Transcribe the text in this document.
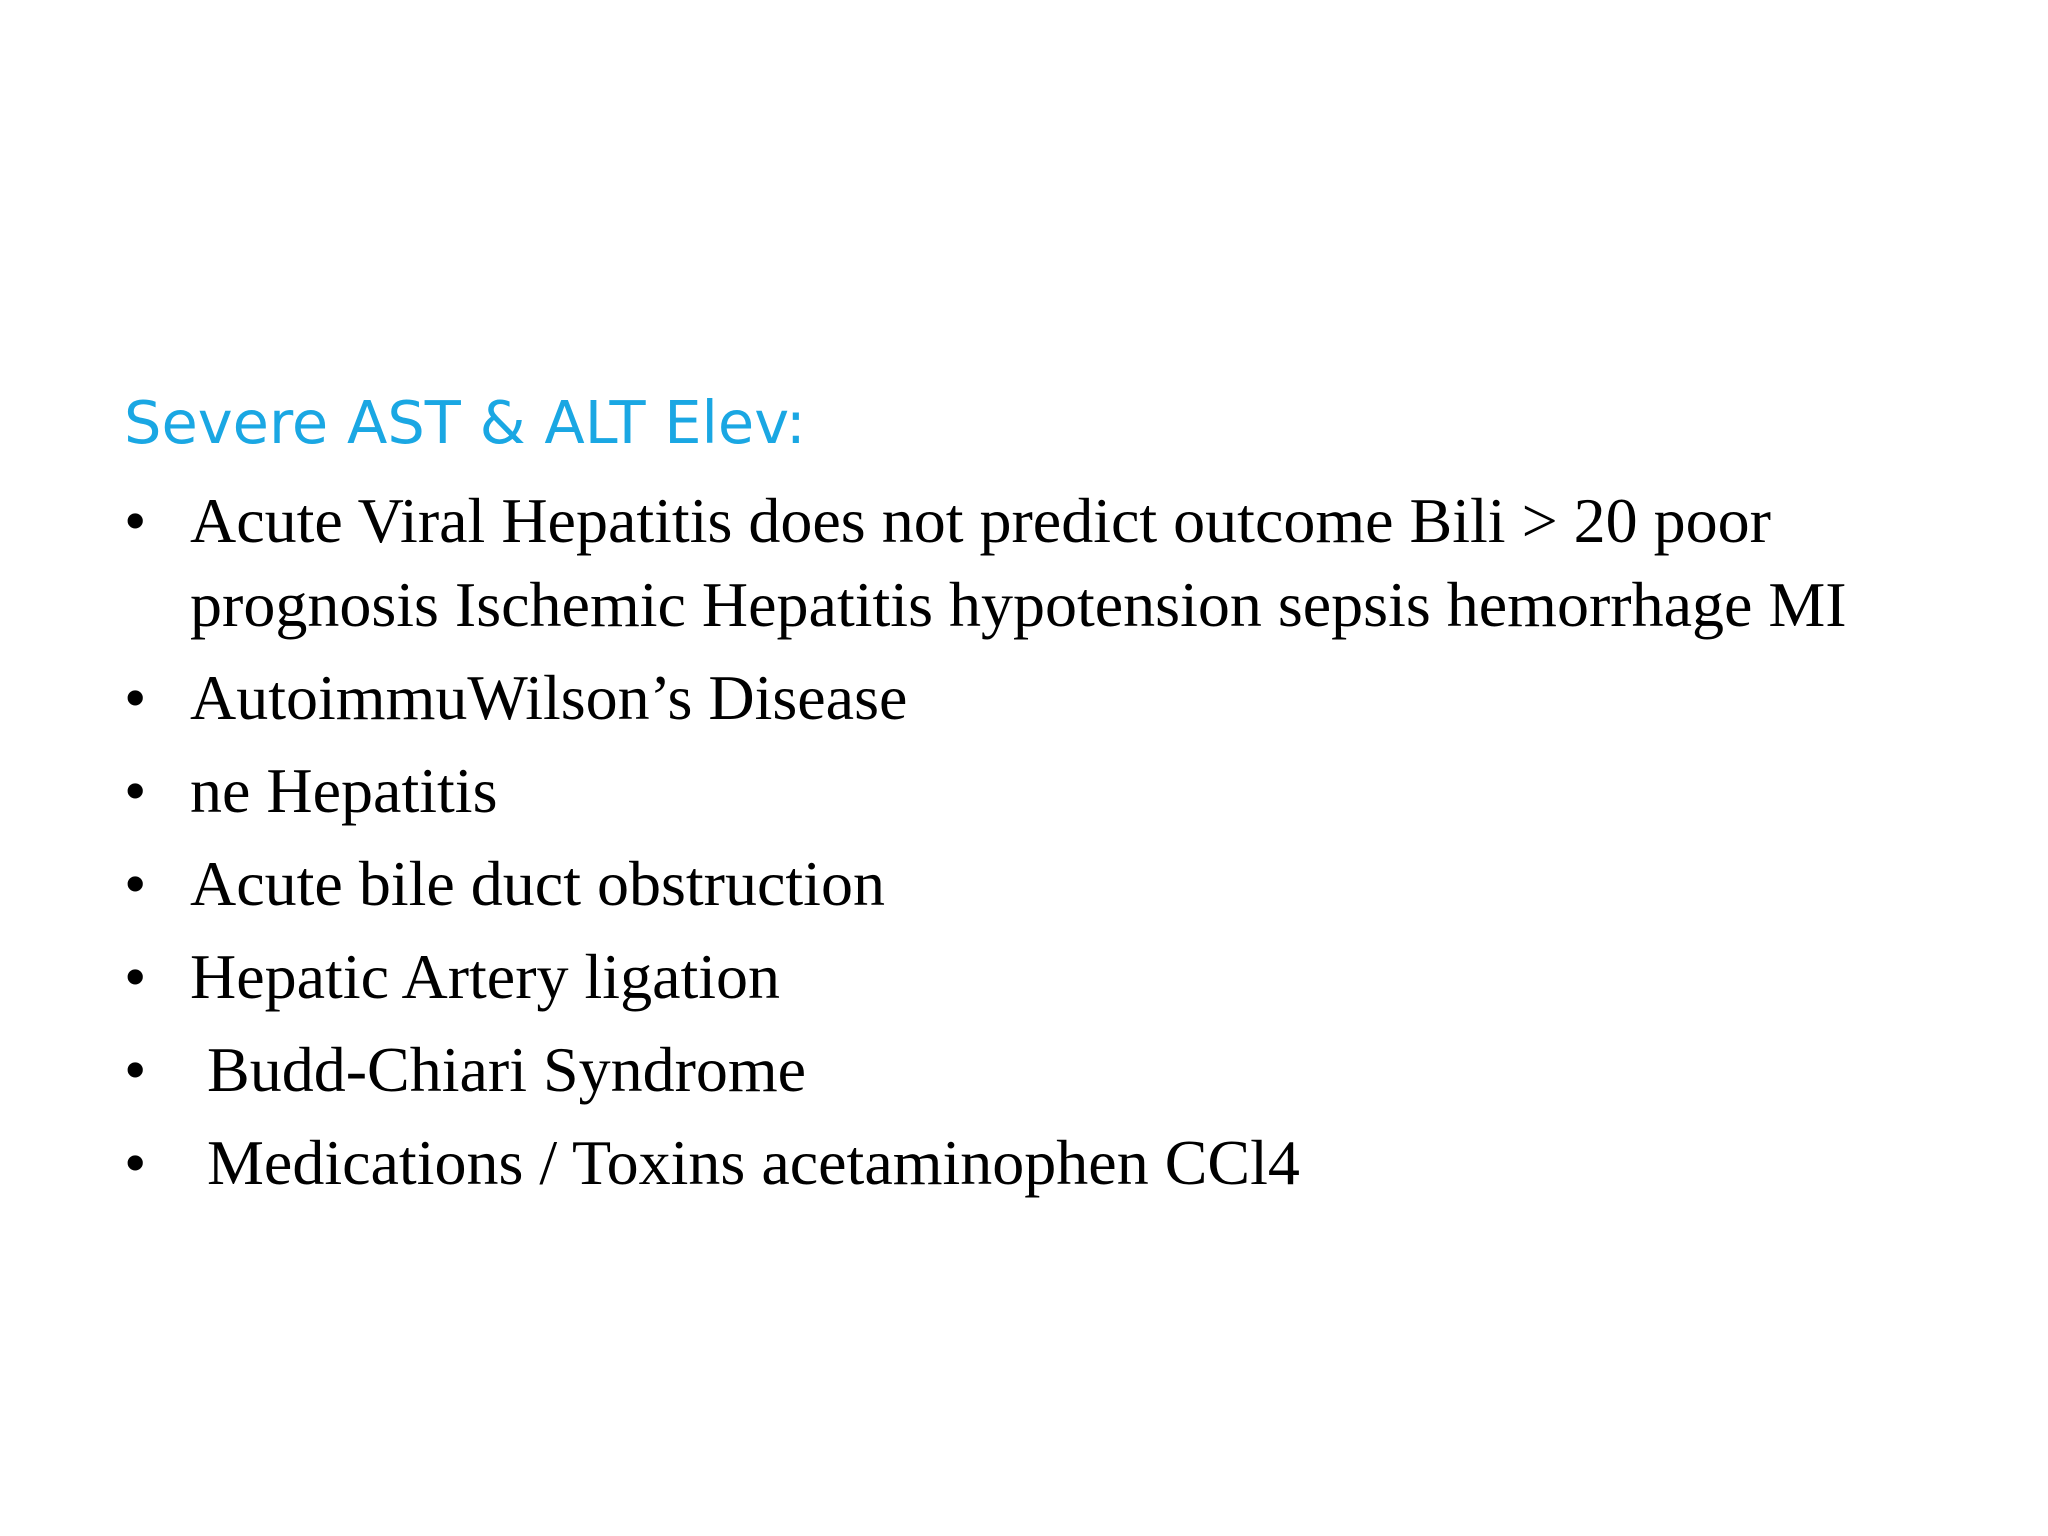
Severe AST & ALT Elev:
• Acute Viral Hepatitis does not predict outcome Bili > 20 poor
prognosis Ischemic Hepatitis hypotension sepsis hemorrhage MI
• AutoimmuWilson’s Disease
• ne Hepatitis
• Acute bile duct obstruction
• Hepatic Artery ligation
• Budd-Chiari Syndrome
• Medications / Toxins acetaminophen CCl4
